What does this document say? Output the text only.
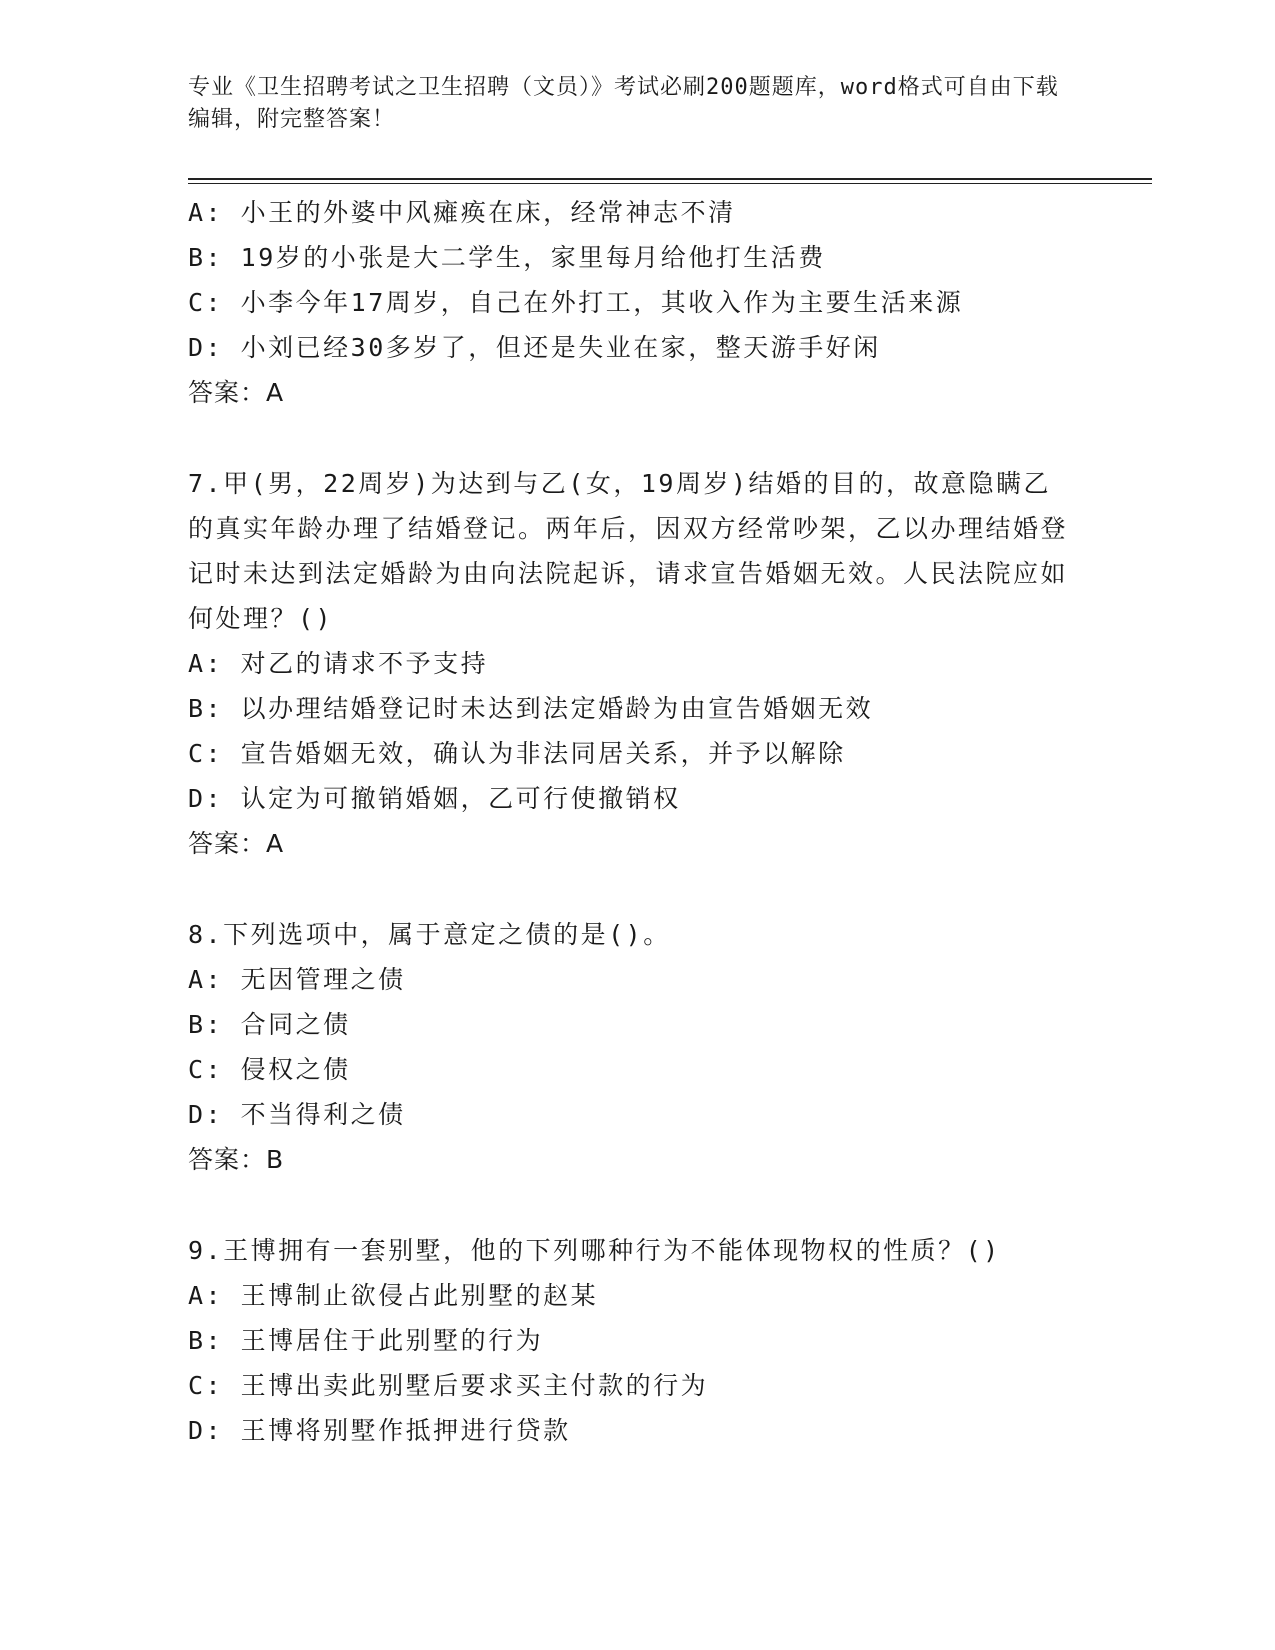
专业《卫生招聘考试之卫生招聘（文员）》考试必刷200题题库，word格式可自由下载编辑，附完整答案！
A: 小王的外婆中风瘫痪在床，经常神志不清
B: 19岁的小张是大二学生，家里每月给他打生活费
C: 小李今年17周岁，自己在外打工，其收入作为主要生活来源
D: 小刘已经30多岁了，但还是失业在家，整天游手好闲
答案：A
7.甲(男，22周岁)为达到与乙(女，19周岁)结婚的目的，故意隐瞒乙的真实年龄办理了结婚登记。两年后，因双方经常吵架，乙以办理结婚登记时未达到法定婚龄为由向法院起诉，请求宣告婚姻无效。人民法院应如何处理？()
A: 对乙的请求不予支持
B: 以办理结婚登记时未达到法定婚龄为由宣告婚姻无效
C: 宣告婚姻无效，确认为非法同居关系，并予以解除
D: 认定为可撤销婚姻，乙可行使撤销权
答案：A
8.下列选项中，属于意定之债的是()。
A: 无因管理之债
B: 合同之债
C: 侵权之债
D: 不当得利之债
答案：B
9.王博拥有一套别墅，他的下列哪种行为不能体现物权的性质？()
A: 王博制止欲侵占此别墅的赵某
B: 王博居住于此别墅的行为
C: 王博出卖此别墅后要求买主付款的行为
D: 王博将别墅作抵押进行贷款
